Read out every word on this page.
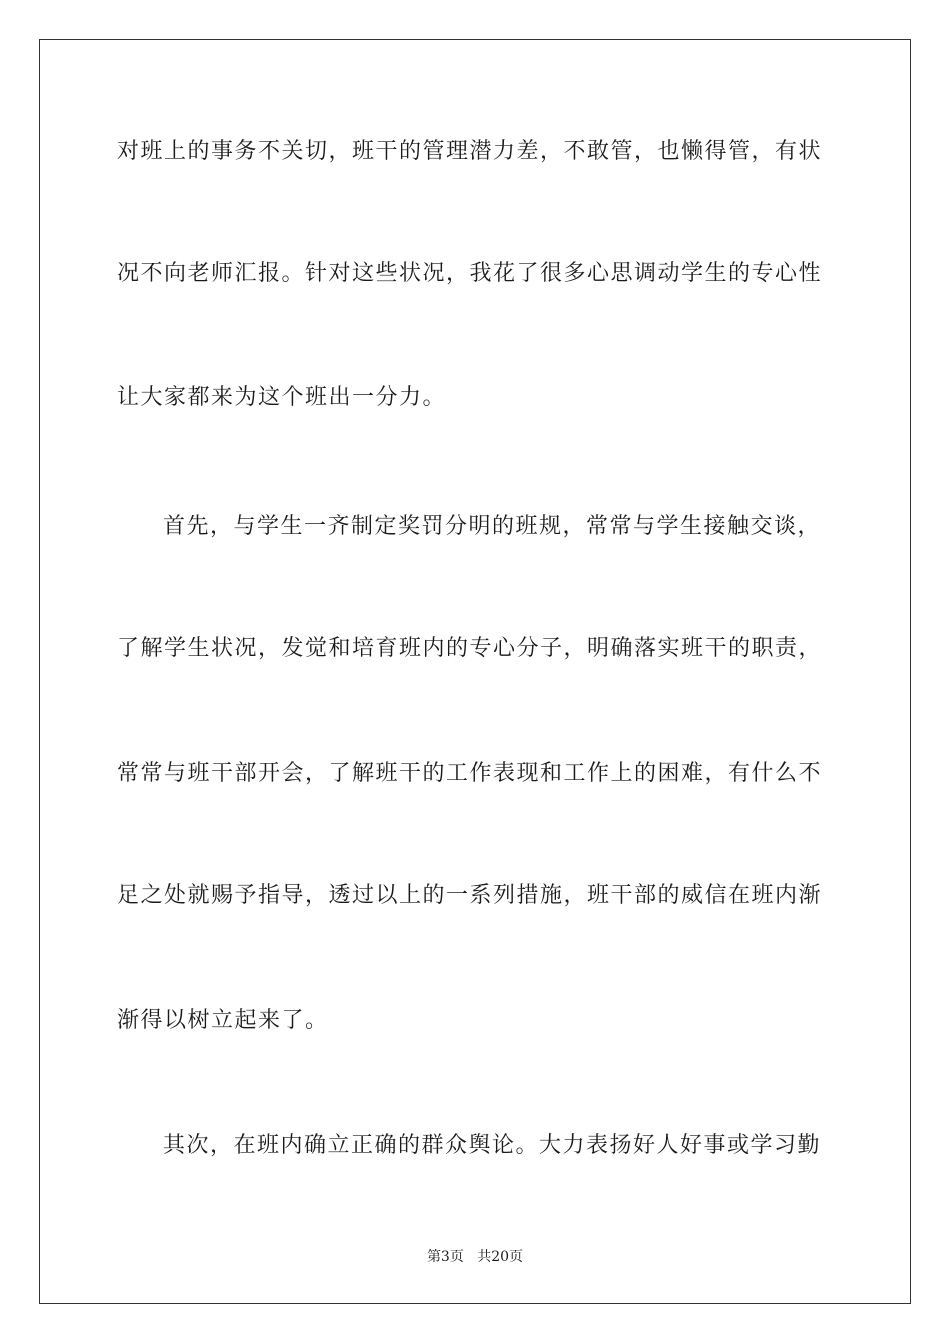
对班上的事务不关切，班干的管理潜力差，不敢管，也懒得管，有状
况不向老师汇报。针对这些状况，我花了很多心思调动学生的专心性
让大家都来为这个班出一分力。
首先，与学生一齐制定奖罚分明的班规，常常与学生接触交谈，
了解学生状况，发觉和培育班内的专心分子，明确落实班干的职责，
常常与班干部开会，了解班干的工作表现和工作上的困难，有什么不
足之处就赐予指导，透过以上的一系列措施，班干部的威信在班内渐
渐得以树立起来了。
其次，在班内确立正确的群众舆论。大力表扬好人好事或学习勤
第3页 共20页
